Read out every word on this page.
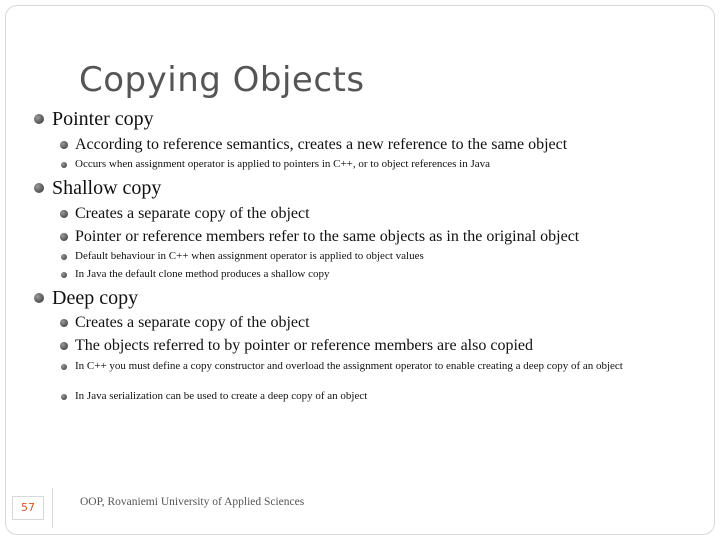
Copying Objects
Pointer copy
According to reference semantics, creates a new reference to the same object
Occurs when assignment operator is applied to pointers in C++, or to object references in Java
Shallow copy
Creates a separate copy of the object
Pointer or reference members refer to the same objects as in the original object
Default behaviour in C++ when assignment operator is applied to object values
In Java the default clone method produces a shallow copy
Deep copy
Creates a separate copy of the object
The objects referred to by pointer or reference members are also copied
In C++ you must define a copy constructor and overload the assignment operator to enable creating a deep copy of an object
In Java serialization can be used to create a deep copy of an object
57	OOP, Rovaniemi University of Applied Sciences
